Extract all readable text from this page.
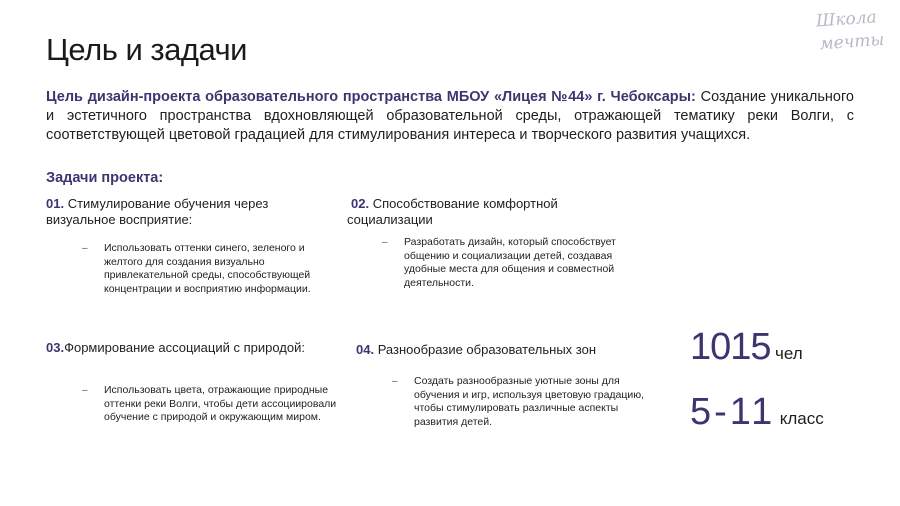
Цель и задачи
Школа
мечты
Цель дизайн-проекта образовательного пространства МБОУ «Лицея №44» г. Чебоксары: Создание уникального и эстетичного пространства вдохновляющей образовательной среды, отражающей тематику реки Волги, с соответствующей цветовой градацией для стимулирования интереса и творческого развития учащихся.
Задачи проекта:
01. Стимулирование обучения через визуальное восприятие:
– Использовать оттенки синего, зеленого и желтого для создания визуально привлекательной среды, способствующей концентрации и восприятию информации.
02. Способствование комфортной социализации
– Разработать дизайн, который способствует общению и социализации детей, создавая удобные места для общения и совместной деятельности.
03.Формирование ассоциаций с природой:
– Использовать цвета, отражающие природные оттенки реки Волги, чтобы дети ассоциировали обучение с природой и окружающим миром.
04. Разнообразие образовательных зон
– Создать разнообразные уютные зоны для обучения и игр, используя цветовую градацию, чтобы стимулировать различные аспекты развития детей.
1015 чел
5-11 класс
